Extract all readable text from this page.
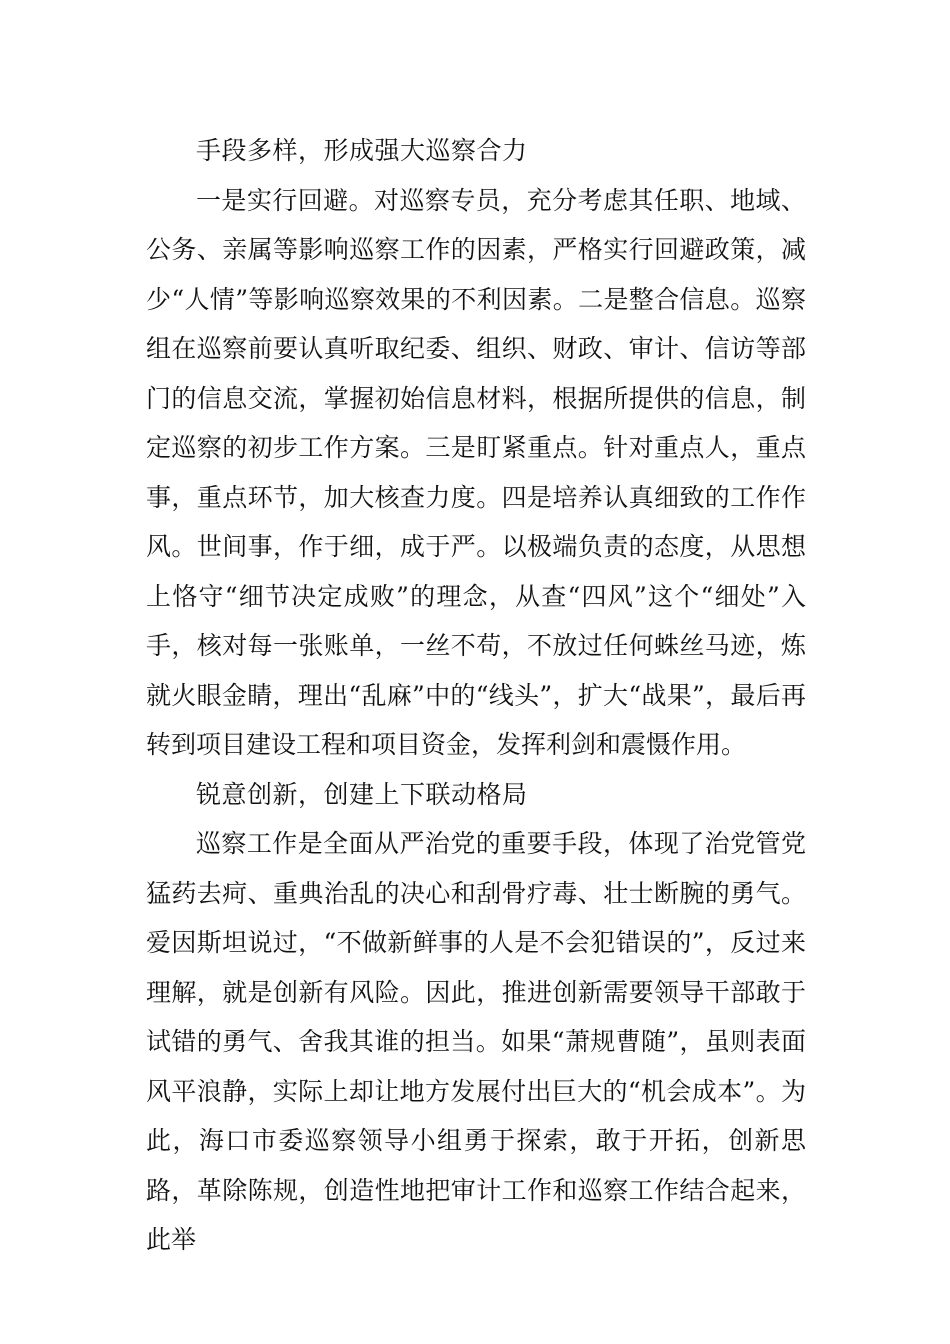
手段多样，形成强大巡察合力

一是实行回避。对巡察专员，充分考虑其任职、地域、公务、亲属等影响巡察工作的因素，严格实行回避政策，减少“人情”等影响巡察效果的不利因素。二是整合信息。巡察组在巡察前要认真听取纪委、组织、财政、审计、信访等部门的信息交流，掌握初始信息材料，根据所提供的信息，制定巡察的初步工作方案。三是盯紧重点。针对重点人，重点事，重点环节，加大核查力度。四是培养认真细致的工作作风。世间事，作于细，成于严。以极端负责的态度，从思想上恪守“细节决定成败”的理念，从查“四风”这个“细处”入手，核对每一张账单，一丝不苟，不放过任何蛛丝马迹，炼就火眼金睛，理出“乱麻”中的“线头”，扩大“战果”，最后再转到项目建设工程和项目资金，发挥利剑和震慑作用。

锐意创新，创建上下联动格局

巡察工作是全面从严治党的重要手段，体现了治党管党猛药去疴、重典治乱的决心和刮骨疗毒、壮士断腕的勇气。爱因斯坦说过，“不做新鲜事的人是不会犯错误的”，反过来理解，就是创新有风险。因此，推进创新需要领导干部敢于试错的勇气、舍我其谁的担当。如果“萧规曹随”，虽则表面风平浪静，实际上却让地方发展付出巨大的“机会成本”。为此，海口市委巡察领导小组勇于探索，敢于开拓，创新思路，革除陈规，创造性地把审计工作和巡察工作结合起来，此举
